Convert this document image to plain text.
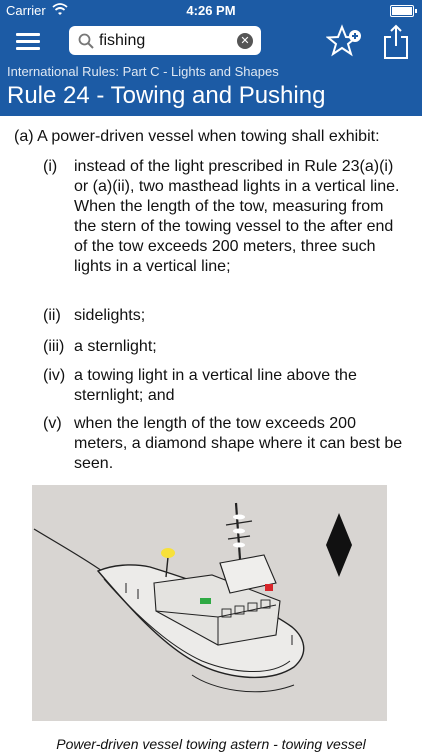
Carrier	4:26 PM
fishing
✕
International Rules: Part C - Lights and Shapes
Rule 24 - Towing and Pushing
(a) A power-driven vessel when towing shall exhibit:
(i) instead of the light prescribed in Rule 23(a)(i) or (a)(ii), two masthead lights in a vertical line. When the length of the tow, measuring from the stern of the towing vessel to the after end of the tow exceeds 200 meters, three such lights in a vertical line;
(ii) sidelights;
(iii) a sternlight;
(iv) a towing light in a vertical line above the sternlight; and
(v) when the length of the tow exceeds 200 meters, a diamond shape where it can best be seen.
Power-driven vessel towing astern - towing vessel
